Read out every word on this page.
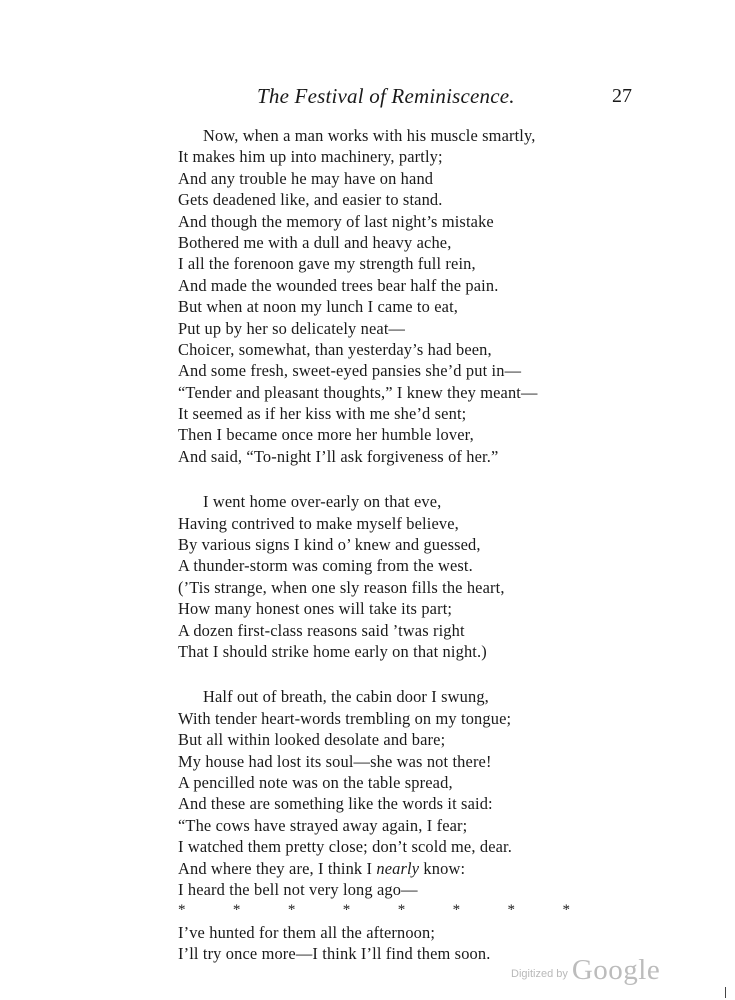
The Festival of Reminiscence.	27
Now, when a man works with his muscle smartly,
It makes him up into machinery, partly;
And any trouble he may have on hand
Gets deadened like, and easier to stand.
And though the memory of last night’s mistake
Bothered me with a dull and heavy ache,
I all the forenoon gave my strength full rein,
And made the wounded trees bear half the pain.
But when at noon my lunch I came to eat,
Put up by her so delicately neat—
Choicer, somewhat, than yesterday’s had been,
And some fresh, sweet-eyed pansies she’d put in—
“Tender and pleasant thoughts,” I knew they meant—
It seemed as if her kiss with me she’d sent;
Then I became once more her humble lover,
And said, “To-night I’ll ask forgiveness of her.”
I went home over-early on that eve,
Having contrived to make myself believe,
By various signs I kind o’ knew and guessed,
A thunder-storm was coming from the west.
(’Tis strange, when one sly reason fills the heart,
How many honest ones will take its part;
A dozen first-class reasons said ’twas right
That I should strike home early on that night.)
Half out of breath, the cabin door I swung,
With tender heart-words trembling on my tongue;
But all within looked desolate and bare;
My house had lost its soul—she was not there!
A pencilled note was on the table spread,
And these are something like the words it said:
“The cows have strayed away again, I fear;
I watched them pretty close; don’t scold me, dear.
And where they are, I think I nearly know:
I heard the bell not very long ago—
*	*	*	*	*	*	*	*
I’ve hunted for them all the afternoon;
I’ll try once more—I think I’ll find them soon.
Digitized by Google
